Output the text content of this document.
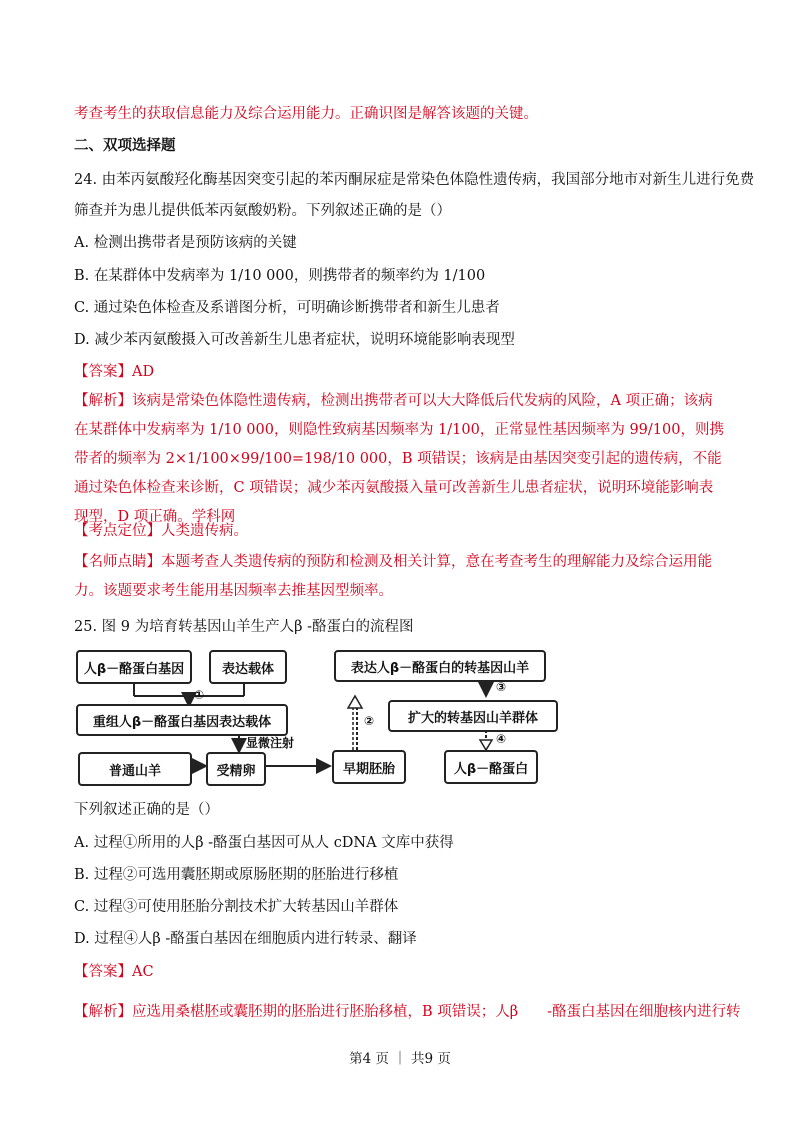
考查考生的获取信息能力及综合运用能力。正确识图是解答该题的关键。
二、双项选择题
24. 由苯丙氨酸羟化酶基因突变引起的苯丙酮尿症是常染色体隐性遗传病，我国部分地市对新生儿进行免费
筛查并为患儿提供低苯丙氨酸奶粉。下列叙述正确的是（）
A. 检测出携带者是预防该病的关键
B. 在某群体中发病率为 1/10 000，则携带者的频率约为 1/100
C. 通过染色体检查及系谱图分析，可明确诊断携带者和新生儿患者
D. 减少苯丙氨酸摄入可改善新生儿患者症状，说明环境能影响表现型
【答案】AD
【解析】该病是常染色体隐性遗传病，检测出携带者可以大大降低后代发病的风险，A 项正确；该病在某群体中发病率为 1/10 000，则隐性致病基因频率为 1/100，正常显性基因频率为 99/100，则携带者的频率为 2×1/100×99/100=198/10 000，B 项错误；该病是由基因突变引起的遗传病，不能通过染色体检查来诊断，C 项错误；减少苯丙氨酸摄入量可改善新生儿患者症状，说明环境能影响表现型，D 项正确。学科网
【考点定位】人类遗传病。
【名师点睛】本题考查人类遗传病的预防和检测及相关计算，意在考查考生的理解能力及综合运用能力。该题要求考生能用基因频率去推基因型频率。
25. 图 9 为培育转基因山羊生产人β -酪蛋白的流程图
人β－酪蛋白基因	表达载体
①
重组人β－酪蛋白基因表达载体
显微注射
普通山羊	受精卵	早期胚胎
②
表达人β－酪蛋白的转基因山羊
③
扩大的转基因山羊群体
④
人β－酪蛋白
下列叙述正确的是（）
A. 过程①所用的人β -酪蛋白基因可从人 cDNA 文库中获得
B. 过程②可选用囊胚期或原肠胚期的胚胎进行移植
C. 过程③可使用胚胎分割技术扩大转基因山羊群体
D. 过程④人β -酪蛋白基因在细胞质内进行转录、翻译
【答案】AC
【解析】应选用桑椹胚或囊胚期的胚胎进行胚胎移植，B 项错误；人β　　-酪蛋白基因在细胞核内进行转
第4 页 ｜ 共9 页
